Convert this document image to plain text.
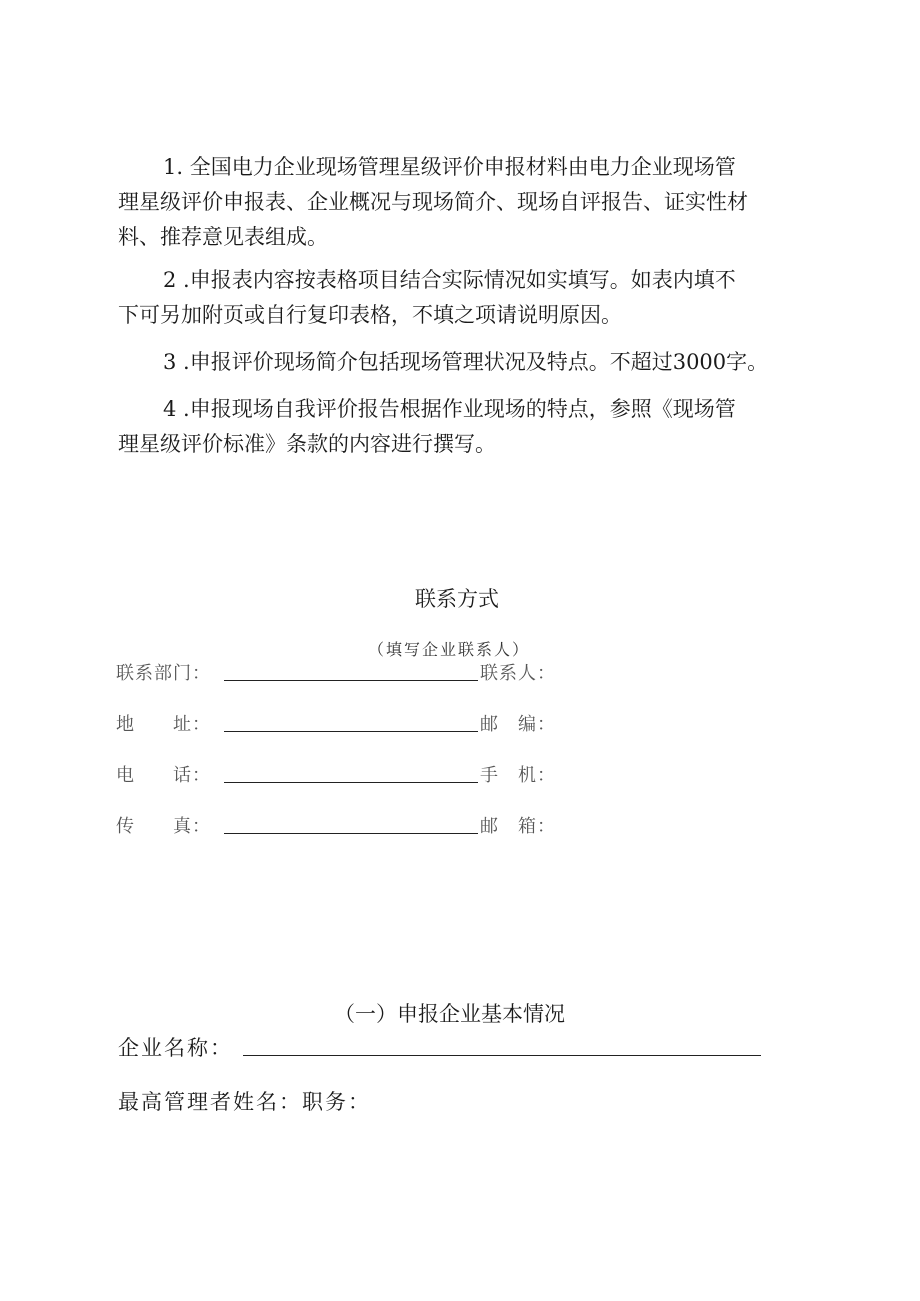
1. 全国电力企业现场管理星级评价申报材料由电力企业现场管
理星级评价申报表、企业概况与现场简介、现场自评报告、证实性材
料、推荐意见表组成。
2 .申报表内容按表格项目结合实际情况如实填写。如表内填不
下可另加附页或自行复印表格，不填之项请说明原因。
3 .申报评价现场简介包括现场管理状况及特点。不超过3000字。
4 .申报现场自我评价报告根据作业现场的特点，参照《现场管
理星级评价标准》条款的内容进行撰写。
联系方式
（填写企业联系人）
联系部门：	联系人：
地　　址：	邮　编：
电　　话：	手　机：
传　　真：	邮　箱：
（一）申报企业基本情况
企业名称：
最高管理者姓名：职务：
